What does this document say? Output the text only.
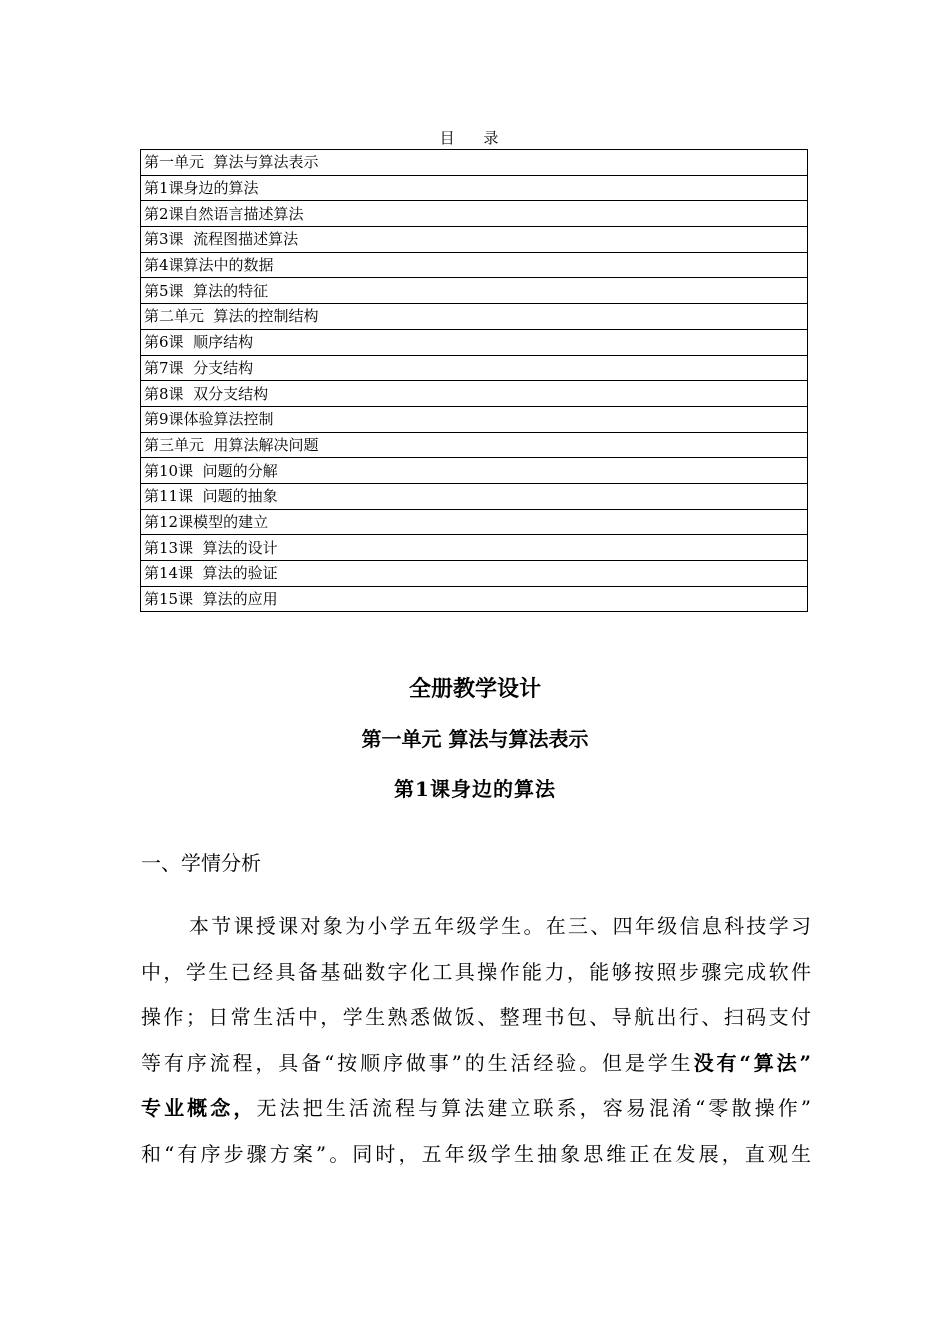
目 录
第一单元  算法与算法表示
第1课身边的算法
第2课自然语言描述算法
第3课  流程图描述算法
第4课算法中的数据
第5课  算法的特征
第二单元  算法的控制结构
第6课  顺序结构
第7课  分支结构
第8课  双分支结构
第9课体验算法控制
第三单元  用算法解决问题
第10课  问题的分解
第11课  问题的抽象
第12课模型的建立
第13课  算法的设计
第14课  算法的验证
第15课  算法的应用
全册教学设计
第一单元 算法与算法表示
第1课身边的算法
一、学情分析
本节课授课对象为小学五年级学生。在三、四年级信息科技学习
中，学生已经具备基础数字化工具操作能力，能够按照步骤完成软件
操作；日常生活中，学生熟悉做饭、整理书包、导航出行、扫码支付
等有序流程，具备“按顺序做事”的生活经验。但是学生没有“算法”
专业概念，无法把生活流程与算法建立联系，容易混淆“零散操作”
和“有序步骤方案”。同时，五年级学生抽象思维正在发展，直观生
